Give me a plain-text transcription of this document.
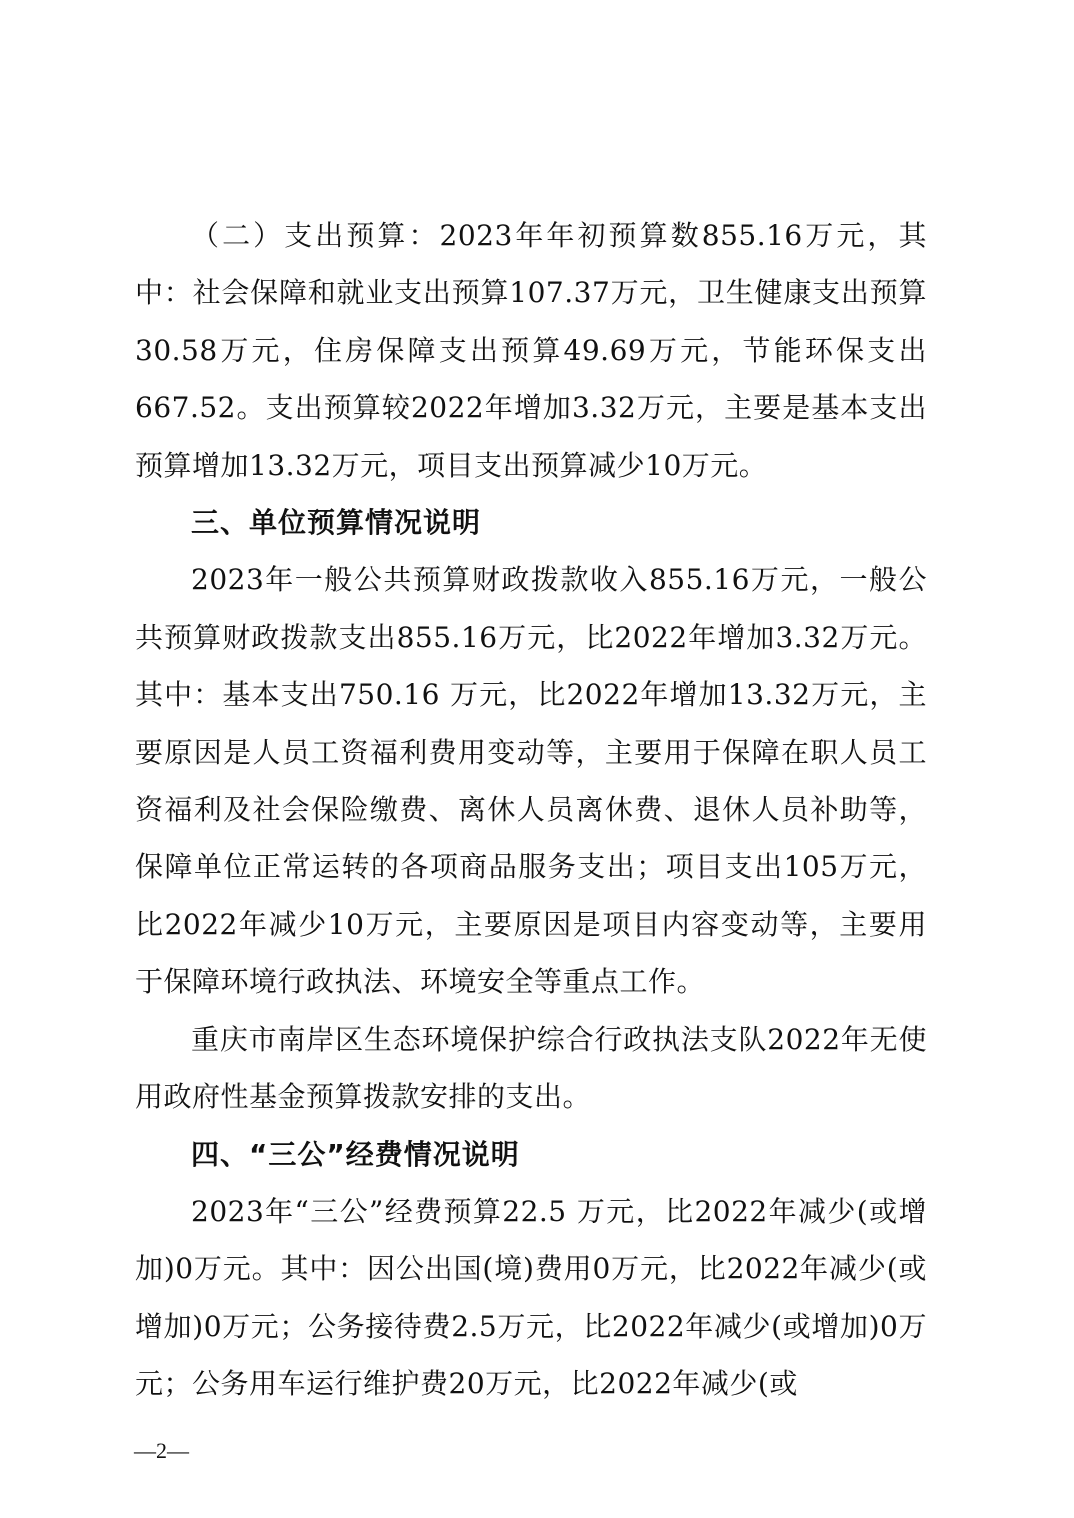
（二）支出预算：2023年年初预算数855.16万元，其中：社会保障和就业支出预算107.37万元，卫生健康支出预算30.58万元，住房保障支出预算49.69万元，节能环保支出667.52。支出预算较2022年增加3.32万元，主要是基本支出预算增加13.32万元，项目支出预算减少10万元。

三、单位预算情况说明

2023年一般公共预算财政拨款收入855.16万元，一般公共预算财政拨款支出855.16万元，比2022年增加3.32万元。其中：基本支出750.16 万元，比2022年增加13.32万元，主要原因是人员工资福利费用变动等，主要用于保障在职人员工资福利及社会保险缴费、离休人员离休费、退休人员补助等，保障单位正常运转的各项商品服务支出；项目支出105万元，比2022年减少10万元，主要原因是项目内容变动等，主要用于保障环境行政执法、环境安全等重点工作。

重庆市南岸区生态环境保护综合行政执法支队2022年无使用政府性基金预算拨款安排的支出。

四、“三公”经费情况说明

2023年“三公”经费预算22.5 万元，比2022年减少(或增加)0万元。其中：因公出国(境)费用0万元，比2022年减少(或增加)0万元；公务接待费2.5万元，比2022年减少(或增加)0万元；公务用车运行维护费20万元，比2022年减少(或

—2—
